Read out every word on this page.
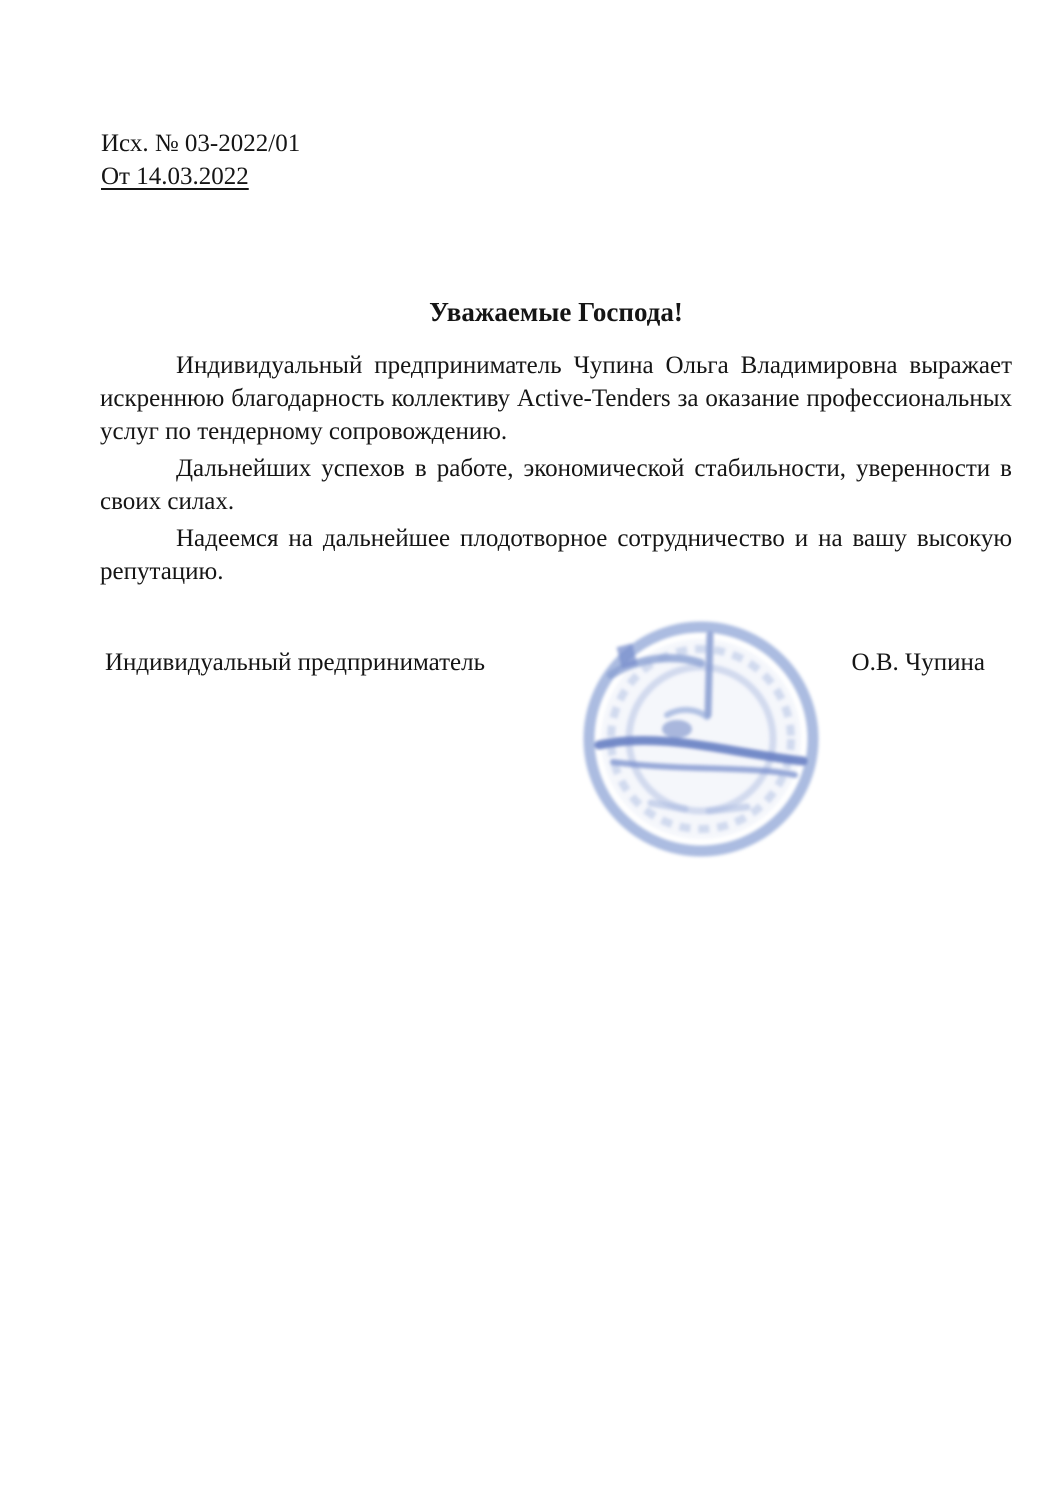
Исх. № 03-2022/01
От 14.03.2022
Уважаемые Господа!
Индивидуальный предприниматель Чупина Ольга Владимировна выражает
искреннюю благодарность коллективу Active-Tenders за оказание профессиональных
услуг по тендерному сопровождению.
Дальнейших успехов в работе, экономической стабильности, уверенности в
своих силах.
Надеемся на дальнейшее плодотворное сотрудничество и на вашу высокую
репутацию.
Индивидуальный предприниматель	О.В. Чупина
